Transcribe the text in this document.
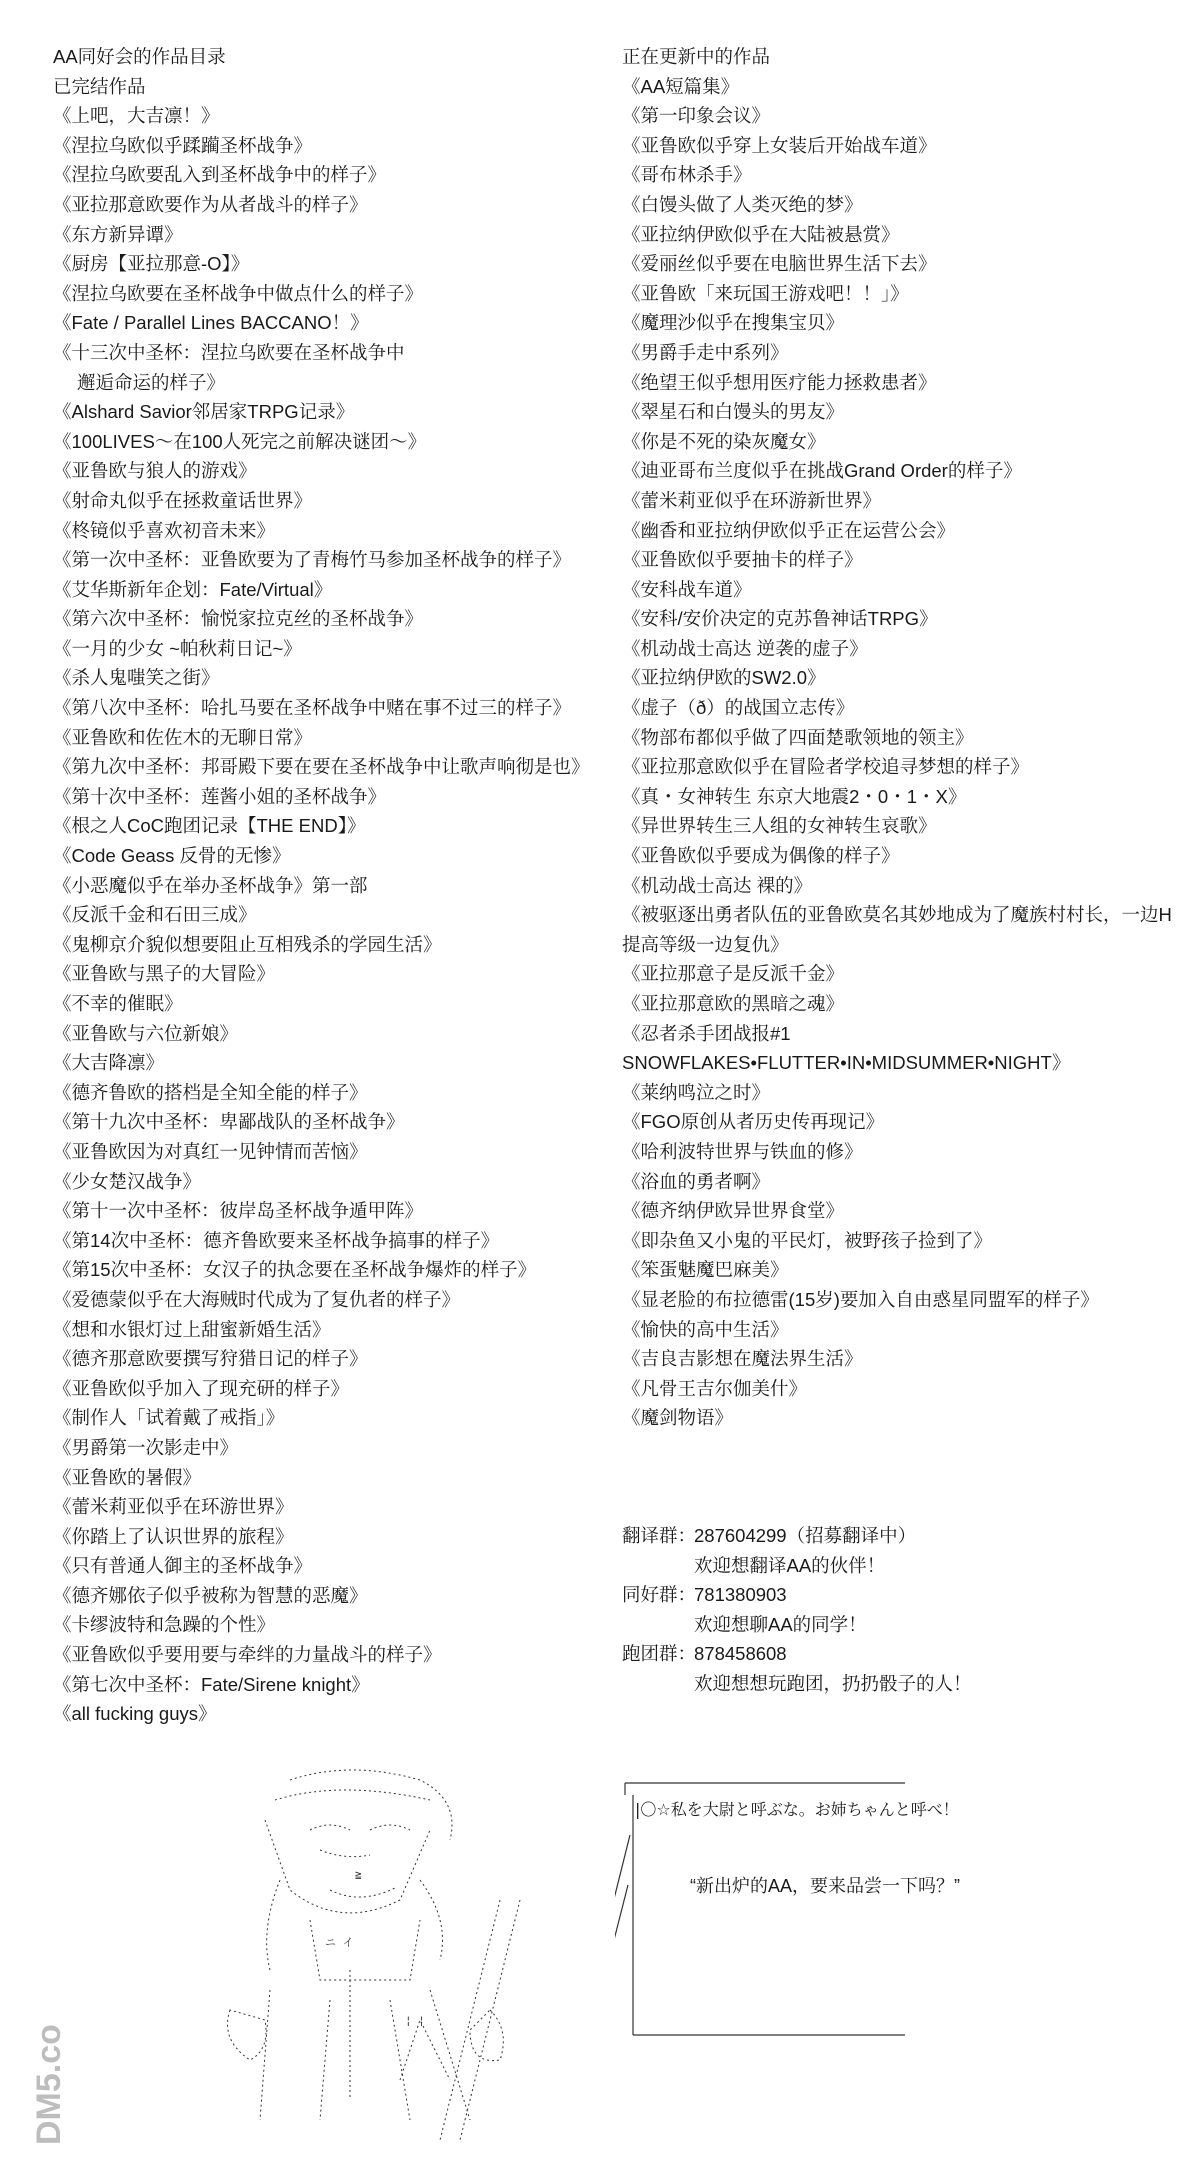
AA同好会的作品目录
已完结作品
《上吧，大吉凛！》
《涅拉乌欧似乎蹂躏圣杯战争》
《涅拉乌欧要乱入到圣杯战争中的样子》
《亚拉那意欧要作为从者战斗的样子》
《东方新异谭》
《厨房【亚拉那意-O】》
《涅拉乌欧要在圣杯战争中做点什么的样子》
《Fate / Parallel Lines BACCANO！》
《十三次中圣杯：涅拉乌欧要在圣杯战争中
邂逅命运的样子》
《Alshard Savior邻居家TRPG记录》
《100LIVES～在100人死完之前解决谜团～》
《亚鲁欧与狼人的游戏》
《射命丸似乎在拯救童话世界》
《柊镜似乎喜欢初音未来》
《第一次中圣杯：亚鲁欧要为了青梅竹马参加圣杯战争的样子》
《艾华斯新年企划：Fate/Virtual》
《第六次中圣杯：愉悦家拉克丝的圣杯战争》
《一月的少女 ~帕秋莉日记~》
《杀人鬼嗤笑之街》
《第八次中圣杯：哈扎马要在圣杯战争中赌在事不过三的样子》
《亚鲁欧和佐佐木的无聊日常》
《第九次中圣杯：邦哥殿下要在要在圣杯战争中让歌声响彻是也》
《第十次中圣杯：莲酱小姐的圣杯战争》
《根之人CoC跑团记录【THE END】》
《Code Geass 反骨的无惨》
《小恶魔似乎在举办圣杯战争》第一部
《反派千金和石田三成》
《鬼柳京介貌似想要阻止互相残杀的学园生活》
《亚鲁欧与黑子的大冒险》
《不幸的催眠》
《亚鲁欧与六位新娘》
《大吉降凛》
《德齐鲁欧的搭档是全知全能的样子》
《第十九次中圣杯：卑鄙战队的圣杯战争》
《亚鲁欧因为对真红一见钟情而苦恼》
《少女楚汉战争》
《第十一次中圣杯：彼岸岛圣杯战争遁甲阵》
《第14次中圣杯：德齐鲁欧要来圣杯战争搞事的样子》
《第15次中圣杯：女汉子的执念要在圣杯战争爆炸的样子》
《爱德蒙似乎在大海贼时代成为了复仇者的样子》
《想和水银灯过上甜蜜新婚生活》
《德齐那意欧要撰写狩猎日记的样子》
《亚鲁欧似乎加入了现充研的样子》
《制作人「试着戴了戒指」》
《男爵第一次影走中》
《亚鲁欧的暑假》
《蕾米莉亚似乎在环游世界》
《你踏上了认识世界的旅程》
《只有普通人御主的圣杯战争》
《德齐娜依子似乎被称为智慧的恶魔》
《卡缪波特和急躁的个性》
《亚鲁欧似乎要用要与牵绊的力量战斗的样子》
《第七次中圣杯：Fate/Sirene knight》
《all fucking guys》
正在更新中的作品
《AA短篇集》
《第一印象会议》
《亚鲁欧似乎穿上女装后开始战车道》
《哥布林杀手》
《白馒头做了人类灭绝的梦》
《亚拉纳伊欧似乎在大陆被悬赏》
《爱丽丝似乎要在电脑世界生活下去》
《亚鲁欧「来玩国王游戏吧！！」》
《魔理沙似乎在搜集宝贝》
《男爵手走中系列》
《绝望王似乎想用医疗能力拯救患者》
《翠星石和白馒头的男友》
《你是不死的染灰魔女》
《迪亚哥布兰度似乎在挑战Grand Order的样子》
《蕾米莉亚似乎在环游新世界》
《幽香和亚拉纳伊欧似乎正在运营公会》
《亚鲁欧似乎要抽卡的样子》
《安科战车道》
《安科/安价决定的克苏鲁神话TRPG》
《机动战士高达 逆袭的虚子》
《亚拉纳伊欧的SW2.0》
《虚子（ð）的战国立志传》
《物部布都似乎做了四面楚歌领地的领主》
《亚拉那意欧似乎在冒险者学校追寻梦想的样子》
《真・女神转生 东京大地震2・0・1・X》
《异世界转生三人组的女神转生哀歌》
《亚鲁欧似乎要成为偶像的样子》
《机动战士高达 裸的》
《被驱逐出勇者队伍的亚鲁欧莫名其妙地成为了魔族村村长，一边H提高等级一边复仇》
《亚拉那意子是反派千金》
《亚拉那意欧的黑暗之魂》
《忍者杀手团战报#1 SNOWFLAKES•FLUTTER•IN•MIDSUMMER•NIGHT》
《莱纳鸣泣之时》
《FGO原创从者历史传再现记》
《哈利波特世界与铁血的修》
《浴血的勇者啊》
《德齐纳伊欧异世界食堂》
《即杂鱼又小鬼的平民灯，被野孩子捡到了》
《笨蛋魅魔巴麻美》
《显老脸的布拉德雷(15岁)要加入自由惑星同盟军的样子》
《愉快的高中生活》
《吉良吉影想在魔法界生活》
《凡骨王吉尔伽美什》
《魔剑物语》
翻译群：287604299（招募翻译中）
欢迎想翻译AA的伙伴！
同好群：781380903
欢迎想聊AA的同学！
跑团群：878458608
欢迎想想玩跑团，扔扔骰子的人！
≧
ニ イ
¦ ¦
|〇☆私を大尉と呼ぶな。お姉ちゃんと呼べ！
“新出炉的AA，要来品尝一下吗？”
DM5.com
